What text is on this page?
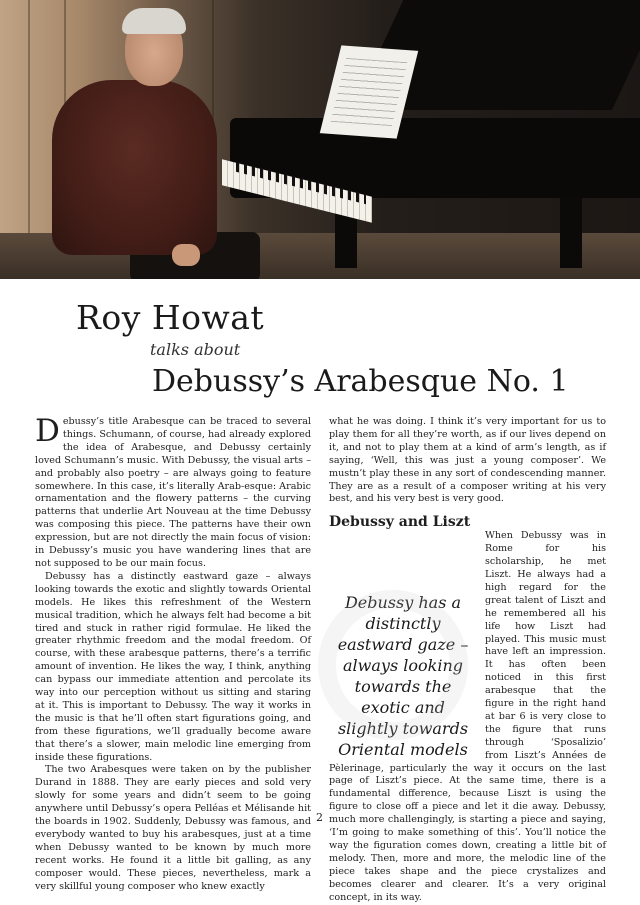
Roy Howat
talks about
Debussy’s Arabesque No. 1

Debussy’s title Arabesque can be traced to several things. Schumann, of course, had already explored the idea of Arabesque, and Debussy certainly loved Schumann’s music. With Debussy, the visual arts – and probably also poetry – are always going to feature somewhere. In this case, it’s literally Arab-esque: Arabic ornamentation and the flowery patterns – the curving patterns that underlie Art Nouveau at the time Debussy was composing this piece. The patterns have their own expression, but are not directly the main focus of vision: in Debussy’s music you have wandering lines that are not supposed to be our main focus.

Debussy has a distinctly eastward gaze – always looking towards the exotic and slightly towards Oriental models. He likes this refreshment of the Western musical tradition, which he always felt had become a bit tired and stuck in rather rigid formulae. He liked the greater rhythmic freedom and the modal freedom. Of course, with these arabesque patterns, there’s a terrific amount of invention. He likes the way, I think, anything can bypass our immediate attention and percolate its way into our perception without us sitting and staring at it. This is important to Debussy. The way it works in the music is that he’ll often start figurations going, and from these figurations, we’ll gradually become aware that there’s a slower, main melodic line emerging from inside these figurations.

The two Arabesques were taken on by the publisher Durand in 1888. They are early pieces and sold very slowly for some years and didn’t seem to be going anywhere until Debussy’s opera Pelléas et Mélisande hit the boards in 1902. Suddenly, Debussy was famous, and everybody wanted to buy his arabesques, just at a time when Debussy wanted to be known by much more recent works. He found it a little bit galling, as any composer would. These pieces, nevertheless, mark a very skillful young composer who knew exactly

what he was doing. I think it’s very important for us to play them for all they’re worth, as if our lives depend on it, and not to play them at a kind of arm’s length, as if saying, ‘Well, this was just a young composer’. We mustn’t play these in any sort of condescending manner. They are as a result of a composer writing at his very best, and his very best is very good.

Debussy and Liszt

Debussy has a distinctly eastward gaze – always looking towards the exotic and slightly towards Oriental models
When Debussy was in Rome for his scholarship, he met Liszt. He always had a high regard for the great talent of Liszt and he remembered all his life how Liszt had played. This music must have left an impression. It has often been noticed in this first arabesque that the figure in the right hand at bar 6 is very close to the figure that runs through ‘Sposalizio’ from Liszt’s Années de Pèlerinage, particularly the way it occurs on the last page of Liszt’s piece. At the same time, there is a fundamental difference, because Liszt is using the figure to close off a piece and let it die away. Debussy, much more challengingly, is starting a piece and saying, ‘I’m going to make something of this’. You’ll notice the way the figuration comes down, creating a little bit of melody. Then, more and more, the melodic line of the piece takes shape and the piece crystalizes and becomes clearer and clearer. It’s a very original concept, in its way.

2
